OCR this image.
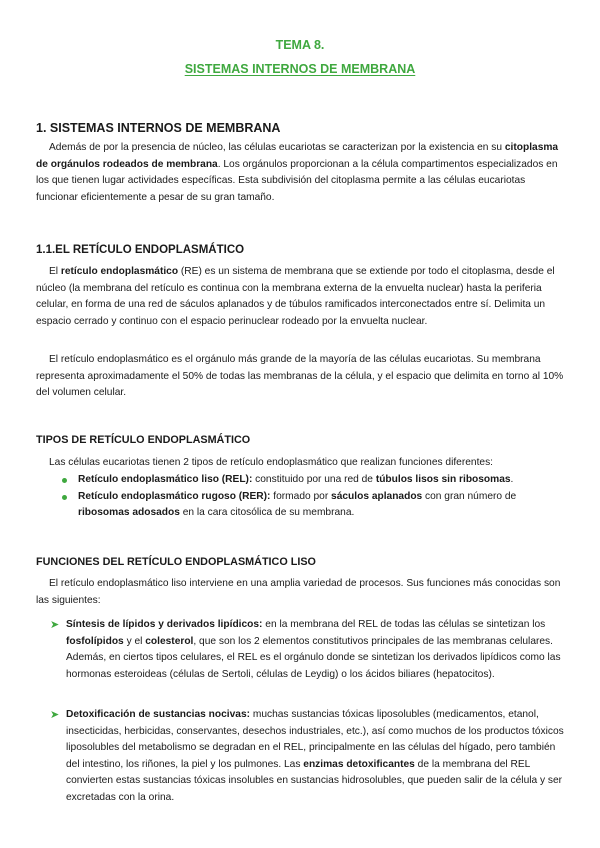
TEMA 8.
SISTEMAS INTERNOS DE MEMBRANA
1. SISTEMAS INTERNOS DE MEMBRANA

Además de por la presencia de núcleo, las células eucariotas se caracterizan por la existencia en su citoplasma de orgánulos rodeados de membrana. Los orgánulos proporcionan a la célula compartimentos especializados en los que tienen lugar actividades específicas. Esta subdivisión del citoplasma permite a las células eucariotas funcionar eficientemente a pesar de su gran tamaño.

1.1.EL RETÍCULO ENDOPLASMÁTICO

El retículo endoplasmático (RE) es un sistema de membrana que se extiende por todo el citoplasma, desde el núcleo (la membrana del retículo es continua con la membrana externa de la envuelta nuclear) hasta la periferia celular, en forma de una red de sáculos aplanados y de túbulos ramificados interconectados entre sí. Delimita un espacio cerrado y continuo con el espacio perinuclear rodeado por la envuelta nuclear.

El retículo endoplasmático es el orgánulo más grande de la mayoría de las células eucariotas. Su membrana representa aproximadamente el 50% de todas las membranas de la célula, y el espacio que delimita en torno al 10% del volumen celular.

TIPOS DE RETÍCULO ENDOPLASMÁTICO

Las células eucariotas tienen 2 tipos de retículo endoplasmático que realizan funciones diferentes:

Retículo endoplasmático liso (REL): constituido por una red de túbulos lisos sin ribosomas.
Retículo endoplasmático rugoso (RER): formado por sáculos aplanados con gran número de ribosomas adosados en la cara citosólica de su membrana.
FUNCIONES DEL RETÍCULO ENDOPLASMÁTICO LISO

El retículo endoplasmático liso interviene en una amplia variedad de procesos. Sus funciones más conocidas son las siguientes:

➤ Síntesis de lípidos y derivados lipídicos: en la membrana del REL de todas las células se sintetizan los fosfolípidos y el colesterol, que son los 2 elementos constitutivos principales de las membranas celulares. Además, en ciertos tipos celulares, el REL es el orgánulo donde se sintetizan los derivados lipídicos como las hormonas esteroideas (células de Sertoli, células de Leydig) o los ácidos biliares (hepatocitos).
➤ Detoxificación de sustancias nocivas: muchas sustancias tóxicas liposolubles (medicamentos, etanol, insecticidas, herbicidas, conservantes, desechos industriales, etc.), así como muchos de los productos tóxicos liposolubles del metabolismo se degradan en el REL, principalmente en las células del hígado, pero también del intestino, los riñones, la piel y los pulmones. Las enzimas detoxificantes de la membrana del REL convierten estas sustancias tóxicas insolubles en sustancias hidrosolubles, que pueden salir de la célula y ser excretadas con la orina.
